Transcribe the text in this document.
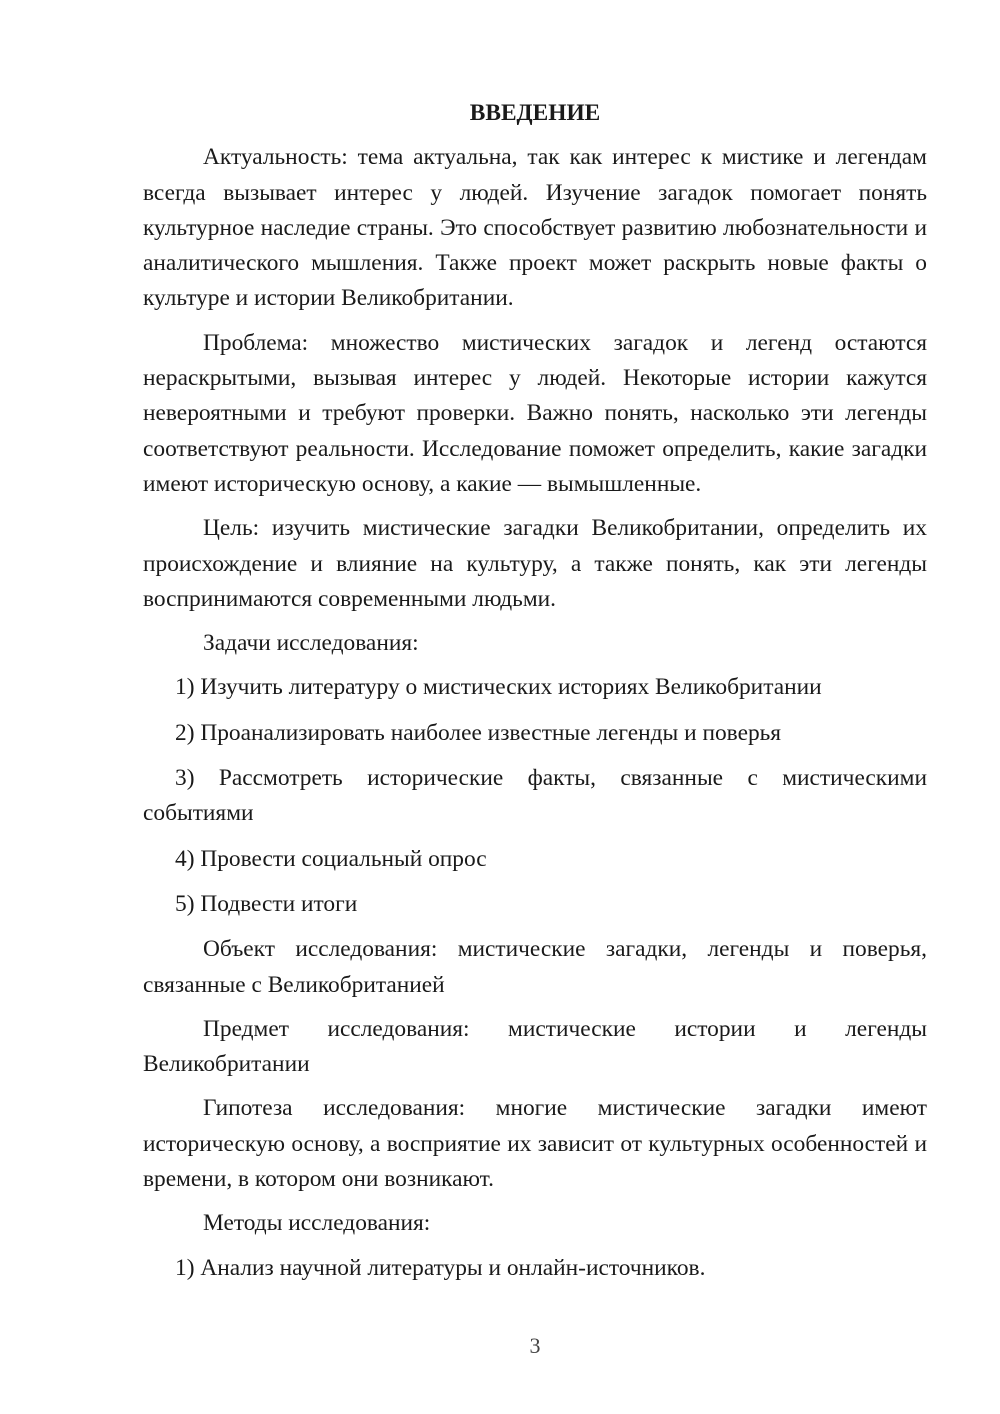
ВВЕДЕНИЕ
Актуальность: тема актуальна, так как интерес к мистике и легендам всегда вызывает интерес у людей. Изучение загадок помогает понять культурное наследие страны. Это способствует развитию любознательности и аналитического мышления. Также проект может раскрыть новые факты о культуре и истории Великобритании.
Проблема: множество мистических загадок и легенд остаются нераскрытыми, вызывая интерес у людей. Некоторые истории кажутся невероятными и требуют проверки. Важно понять, насколько эти легенды соответствуют реальности. Исследование поможет определить, какие загадки имеют историческую основу, а какие — вымышленные.
Цель: изучить мистические загадки Великобритании, определить их происхождение и влияние на культуру, а также понять, как эти легенды воспринимаются современными людьми.
Задачи исследования:
1) Изучить литературу о мистических историях Великобритании
2) Проанализировать наиболее известные легенды и поверья
3) Рассмотреть исторические факты, связанные с мистическими событиями
4) Провести социальный опрос
5) Подвести итоги
Объект исследования: мистические загадки, легенды и поверья, связанные с Великобританией
Предмет исследования: мистические истории и легенды Великобритании
Гипотеза исследования: многие мистические загадки имеют историческую основу, а восприятие их зависит от культурных особенностей и времени, в котором они возникают.
Методы исследования:
1) Анализ научной литературы и онлайн-источников.
3
